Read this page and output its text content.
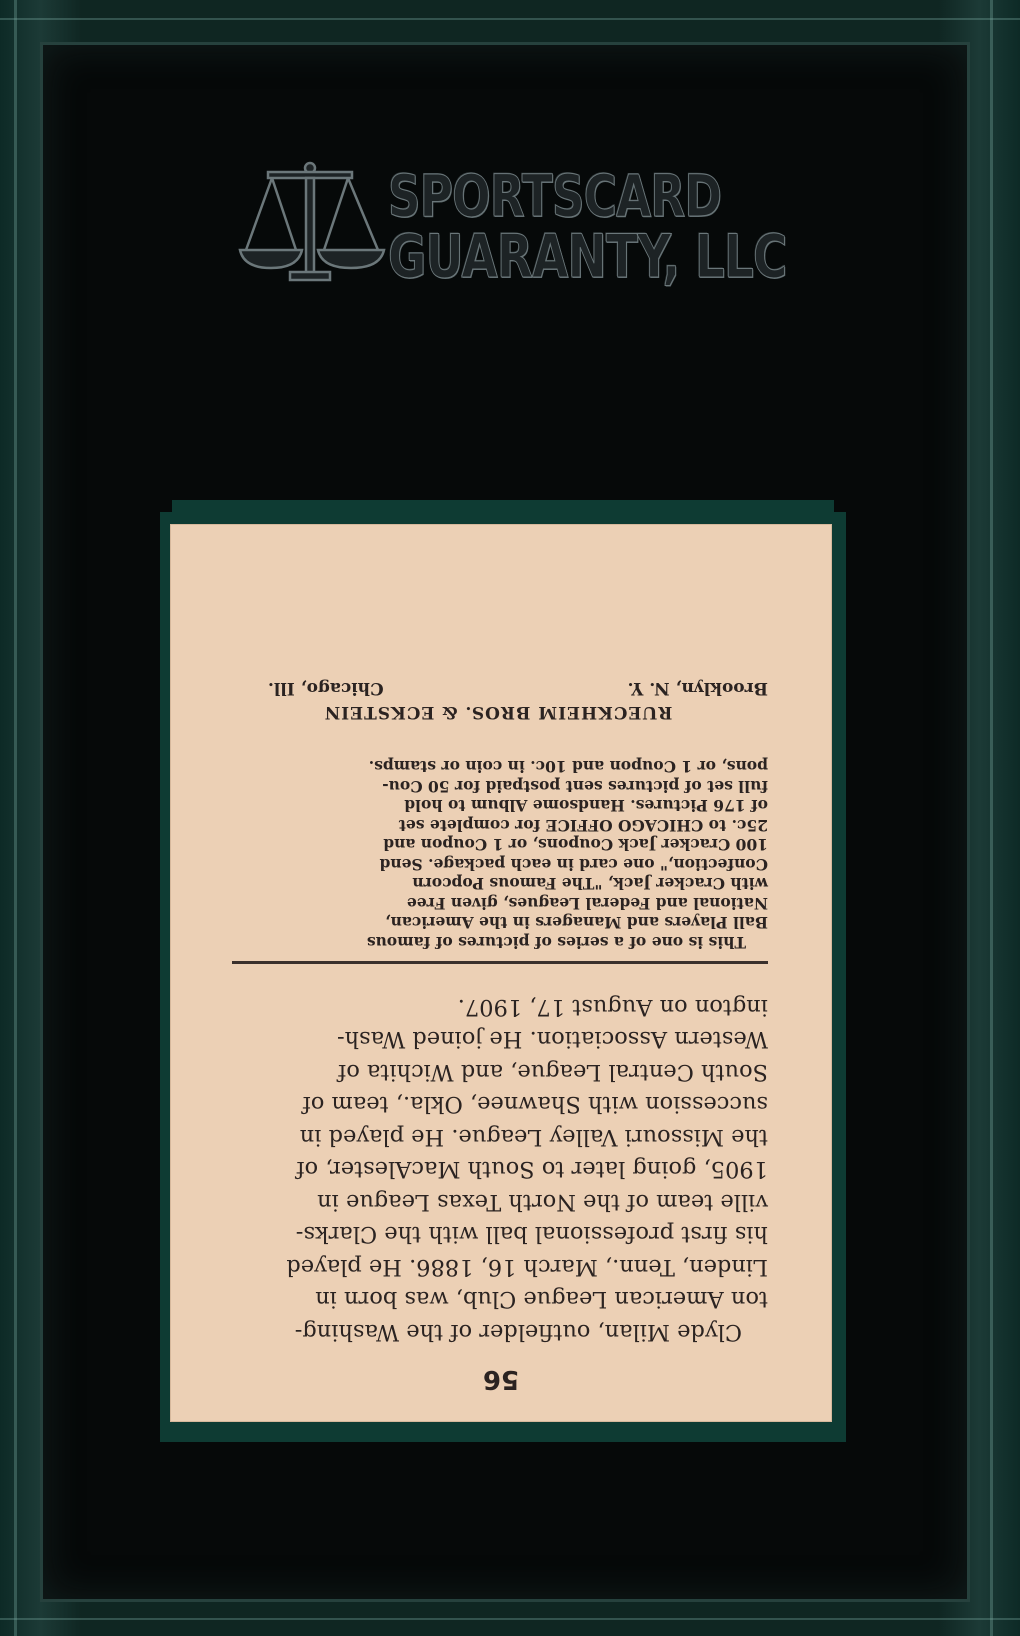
SPORTSCARD
GUARANTY, LLC
56
Clyde Milan, outfielder of the Washing-
ton American League Club, was born in
Linden, Tenn., March 16, 1886. He played
his first professional ball with the Clarks-
ville team of the North Texas League in
1905, going later to South MacAlester, of
the Missouri Valley League. He played in
succession with Shawnee, Okla., team of
South Central League, and Wichita of
Western Association. He joined Wash-
ington on August 17, 1907.
This is one of a series of pictures of famous
Ball Players and Managers in the American,
National and Federal Leagues, given Free
with Cracker Jack, "The Famous Popcorn
Confection," one card in each package. Send
100 Cracker Jack Coupons, or 1 Coupon and
25c. to CHICAGO OFFICE for complete set
of 176 Pictures. Handsome Album to hold
full set of pictures sent postpaid for 50 Cou-
pons, or 1 Coupon and 10c. in coin or stamps.
RUECKHEIM BROS. & ECKSTEIN
Brooklyn, N. Y.
Chicago, Ill.
